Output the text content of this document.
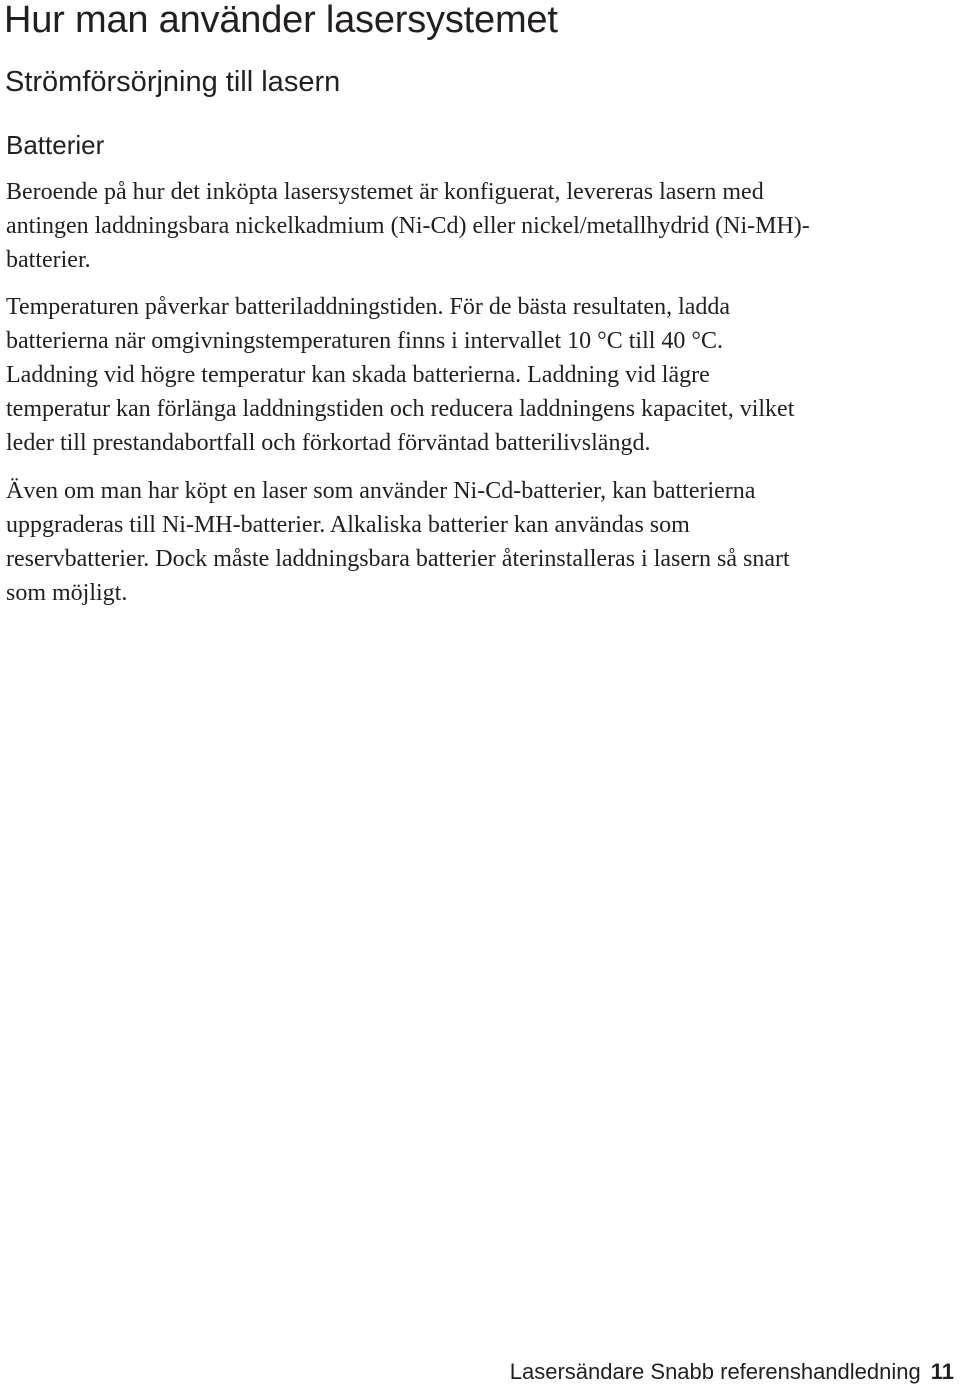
Hur man använder lasersystemet
Strömförsörjning till lasern
Batterier

Beroende på hur det inköpta lasersystemet är konfiguerat, levereras lasern med
antingen laddningsbara nickelkadmium (Ni-Cd) eller nickel/metallhydrid (Ni-MH)-
batterier.

Temperaturen påverkar batteriladdningstiden. För de bästa resultaten, ladda
batterierna när omgivningstemperaturen finns i intervallet 10 °C till 40 °C.
Laddning vid högre temperatur kan skada batterierna. Laddning vid lägre
temperatur kan förlänga laddningstiden och reducera laddningens kapacitet, vilket
leder till prestandabortfall och förkortad förväntad batterilivslängd.

Även om man har köpt en laser som använder Ni-Cd-batterier, kan batterierna
uppgraderas till Ni-MH-batterier. Alkaliska batterier kan användas som
reservbatterier. Dock måste laddningsbara batterier återinstalleras i lasern så snart
som möjligt.

Lasersändare Snabb referenshandledning 11
